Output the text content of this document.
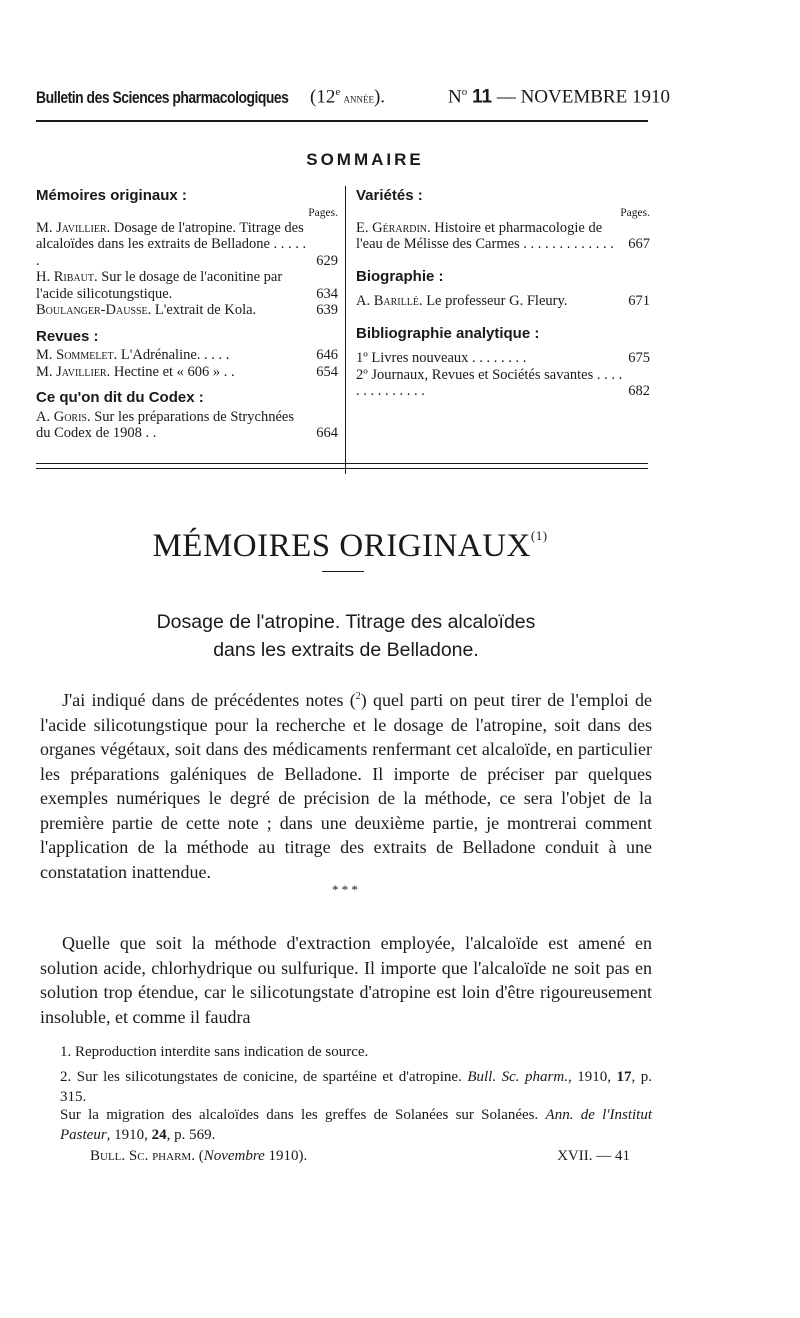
Bulletin des Sciences pharmacologiques (12e année).	$N^o$ 11 — NOVEMBRE 1910
SOMMAIRE
Mémoires originaux :
Pages.
M. Javillier. Dosage de l'atropine. Titrage des alcaloïdes dans les extraits de Belladone . . . . . .	629
H. Ribaut. Sur le dosage de l'aconitine par l'acide silicotungstique.	634
Boulanger-Dausse. L'extrait de Kola.	639
Revues :
M. Sommelet. L'Adrénaline. . . . .	646
M. Javillier. Hectine et « 606 » . .	654
Ce qu'on dit du Codex :
A. Goris. Sur les préparations de Strychnées du Codex de 1908 . .	664
Variétés :
Pages.
E. Gérardin. Histoire et pharmacologie de l'eau de Mélisse des Carmes . . . . . . . . . . . . . 667
Biographie :
A. Barillé. Le professeur G. Fleury.	671
Bibliographie analytique :
1º Livres nouveaux . . . . . . . .	675
2º Journaux, Revues et Sociétés savantes . . . . . . . . . . . . . .	682
MÉMOIRES ORIGINAUX$^{(1)}$
Dosage de l'atropine. Titrage des alcaloïdes
dans les extraits de Belladone.

J'ai indiqué dans de précédentes notes ($^2$) quel parti on peut tirer de l'emploi de l'acide silicotungstique pour la recherche et le dosage de l'atropine, soit dans des organes végétaux, soit dans des médicaments renfermant cet alcaloïde, en particulier les préparations galéniques de Belladone. Il importe de préciser par quelques exemples numériques le degré de précision de la méthode, ce sera l'objet de la première partie de cette note ; dans une deuxième partie, je montrerai comment l'application de la méthode au titrage des extraits de Belladone conduit à une constatation inattendue.

* * *

Quelle que soit la méthode d'extraction employée, l'alcaloïde est amené en solution acide, chlorhydrique ou sulfurique. Il importe que l'alcaloïde ne soit pas en solution trop étendue, car le silicotungstate d'atropine est loin d'être rigoureusement insoluble, et comme il faudra

1. Reproduction interdite sans indication de source.

2. Sur les silicotungstates de conicine, de spartéine et d'atropine. Bull. Sc. pharm., 1910, 17, p. 315.

Sur la migration des alcaloïdes dans les greffes de Solanées sur Solanées. Ann. de l'Institut Pasteur, 1910, 24, p. 569.

Bull. Sc. pharm. (Novembre 1910).	XVII. — 41
